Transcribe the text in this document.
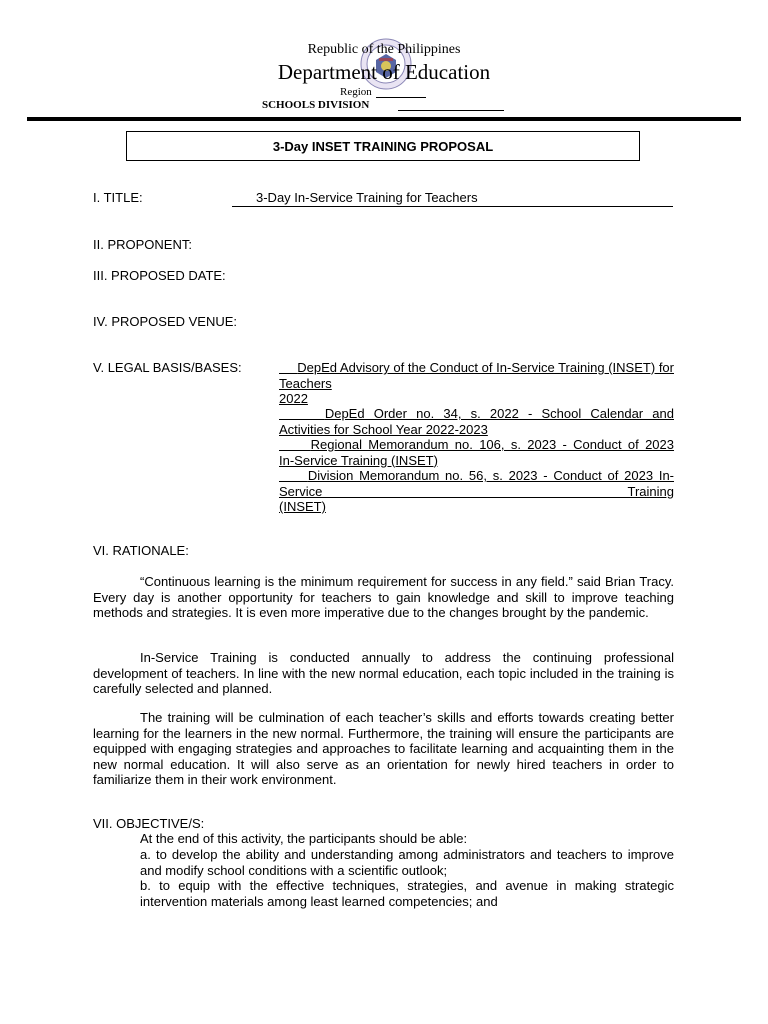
Republic of the Philippines
Department of Education
Region
SCHOOLS DIVISION
3-Day INSET TRAINING PROPOSAL
I. TITLE:	3-Day In-Service Training for Teachers
II. PROPONENT:
III. PROPOSED DATE:
IV. PROPOSED VENUE:
V. LEGAL BASIS/BASES:	DepEd Advisory of the Conduct of In-Service Training (INSET) for Teachers

2022

DepEd Order no. 34, s. 2022 - School Calendar and

Activities for School Year 2022-2023

Regional Memorandum no. 106, s. 2023 - Conduct of 2023

In-Service Training (INSET)

Division Memorandum no. 56, s. 2023 - Conduct of 2023 In-Service Training

(INSET)

VI. RATIONALE:

“Continuous learning is the minimum requirement for success in any field.” said Brian Tracy. Every day is another opportunity for teachers to gain knowledge and skill to improve teaching methods and strategies. It is even more imperative due to the changes brought by the pandemic.

In-Service Training is conducted annually to address the continuing professional development of teachers. In line with the new normal education, each topic included in the training is carefully selected and planned.

The training will be culmination of each teacher’s skills and efforts towards creating better learning for the learners in the new normal. Furthermore, the training will ensure the participants are equipped with engaging strategies and approaches to facilitate learning and acquainting them in the new normal education. It will also serve as an orientation for newly hired teachers in order to familiarize them in their work environment.

VII. OBJECTIVE/S:

At the end of this activity, the participants should be able:

a. to develop the ability and understanding among administrators and teachers to improve and modify school conditions with a scientific outlook;

b. to equip with the effective techniques, strategies, and avenue in making strategic intervention materials among least learned competencies; and
